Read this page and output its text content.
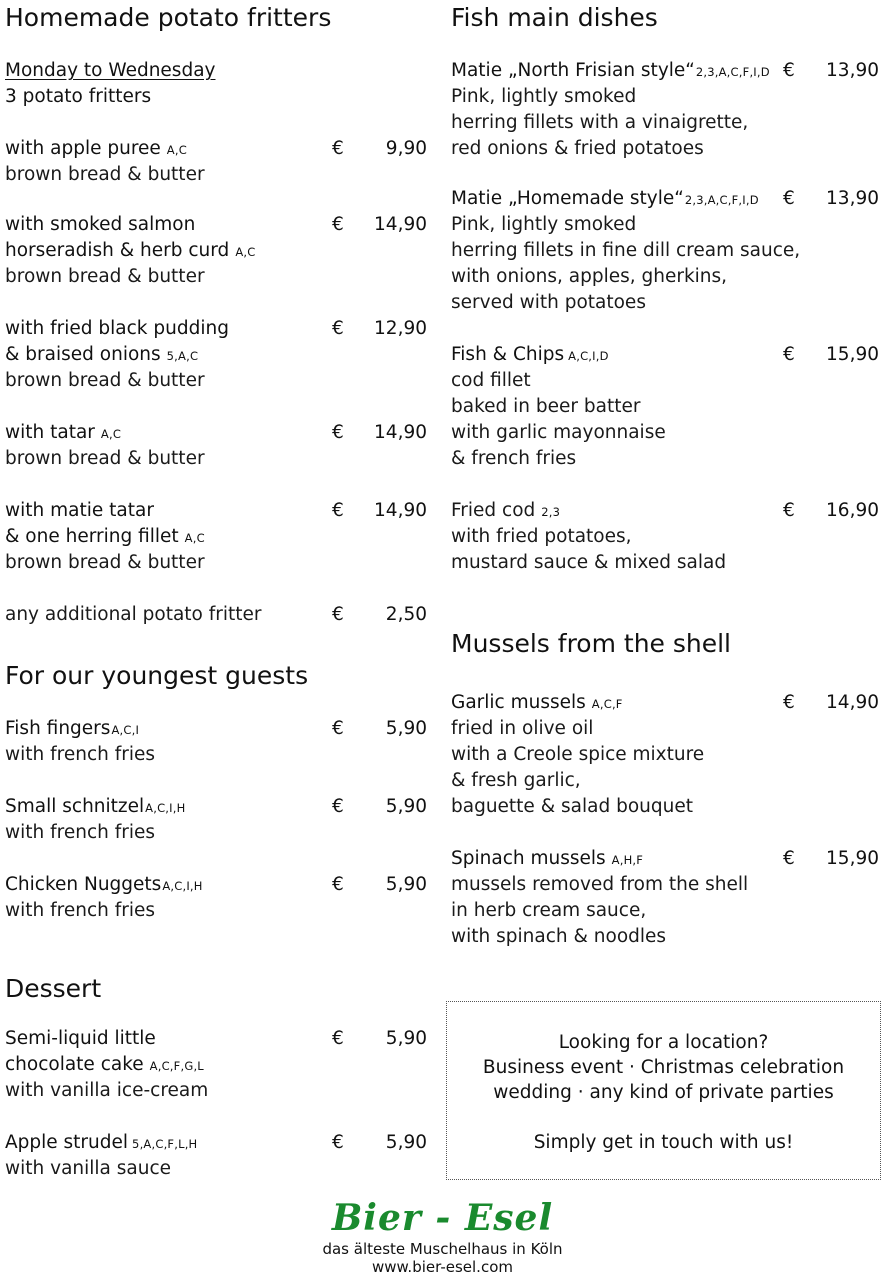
Homemade potato fritters
Monday to Wednesday
3 potato fritters
with apple puree A,C	€ 9,90
brown bread & butter
with smoked salmon	€ 14,90
horseradish & herb curd A,C
brown bread & butter
with fried black pudding	€ 12,90
& braised onions 5,A,C
brown bread & butter
with tatar A,C	€ 14,90
brown bread & butter
with matie tatar	€ 14,90
& one herring fillet A,C
brown bread & butter
any additional potato fritter	€ 2,50
For our youngest guests
Fish fingersA,C,I	€ 5,90
with french fries
Small schnitzelA,C,I,H	€ 5,90
with french fries
Chicken NuggetsA,C,I,H	€ 5,90
with french fries
Dessert
Semi-liquid little	€ 5,90
chocolate cake A,C,F,G,L
with vanilla ice-cream
Apple strudel 5,A,C,F,L,H	€ 5,90
with vanilla sauce
Fish main dishes
Matie „North Frisian style“2,3,A,C,F,I,D € 13,90
Pink, lightly smoked
herring fillets with a vinaigrette,
red onions & fried potatoes
Matie „Homemade style“2,3,A,C,F,I,D € 13,90
Pink, lightly smoked
herring fillets in fine dill cream sauce,
with onions, apples, gherkins,
served with potatoes
Fish & Chips A,C,I,D	€ 15,90
cod fillet
baked in beer batter
with garlic mayonnaise
& french fries
Fried cod 2,3	€ 16,90
with fried potatoes,
mustard sauce & mixed salad
Mussels from the shell
Garlic mussels A,C,F	€ 14,90
fried in olive oil
with a Creole spice mixture
& fresh garlic,
baguette & salad bouquet
Spinach mussels A,H,F	€ 15,90
mussels removed from the shell
in herb cream sauce,
with spinach & noodles
Looking for a location?
Business event · Christmas celebration
wedding · any kind of private parties
Simply get in touch with us!
Bier - Esel
das älteste Muschelhaus in Köln
www.bier-esel.com
